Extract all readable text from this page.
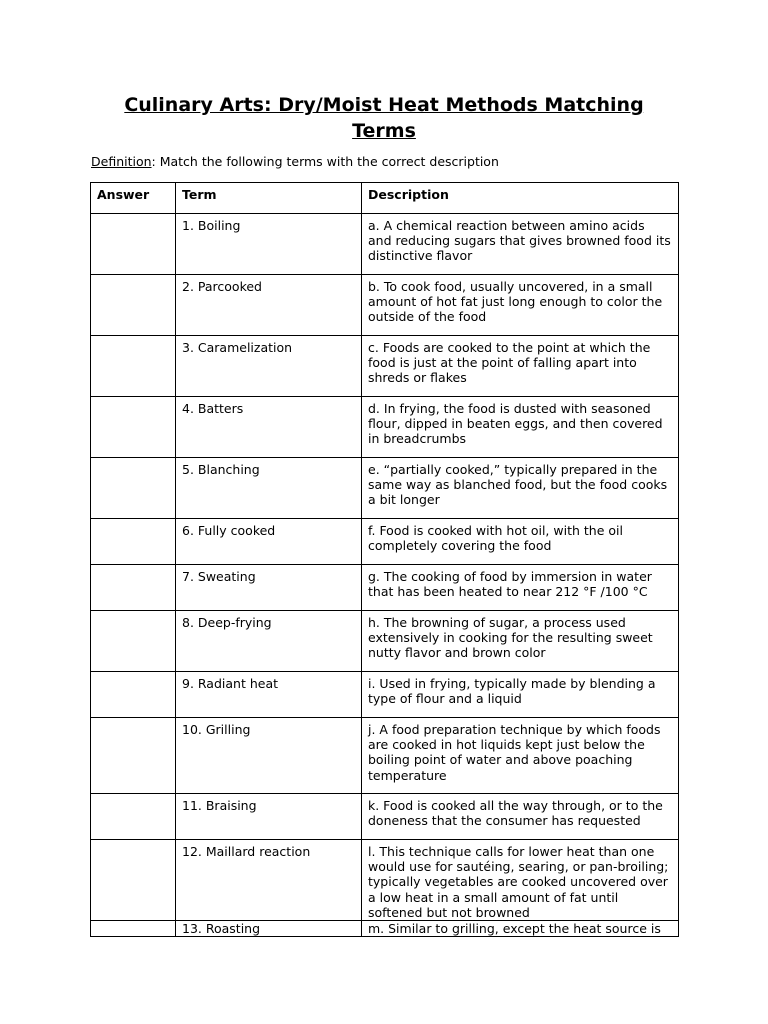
Culinary Arts: Dry/Moist Heat Methods Matching Terms
Definition: Match the following terms with the correct description
Answer	Term	Description
	1. Boiling	a. A chemical reaction between amino acids and reducing sugars that gives browned food its distinctive flavor
	2. Parcooked	b. To cook food, usually uncovered, in a small amount of hot fat just long enough to color the outside of the food
	3. Caramelization	c. Foods are cooked to the point at which the food is just at the point of falling apart into shreds or flakes
	4. Batters	d. In frying, the food is dusted with seasoned flour, dipped in beaten eggs, and then covered in breadcrumbs
	5. Blanching	e. “partially cooked,” typically prepared in the same way as blanched food, but the food cooks a bit longer
	6. Fully cooked	f. Food is cooked with hot oil, with the oil completely covering the food
	7. Sweating	g. The cooking of food by immersion in water that has been heated to near 212 °F /100 °C
	8. Deep-frying	h. The browning of sugar, a process used extensively in cooking for the resulting sweet nutty flavor and brown color
	9. Radiant heat	i. Used in frying, typically made by blending a type of flour and a liquid
	10. Grilling	j. A food preparation technique by which foods are cooked in hot liquids kept just below the boiling point of water and above poaching temperature
	11. Braising	k. Food is cooked all the way through, or to the doneness that the consumer has requested
	12. Maillard reaction	l. This technique calls for lower heat than one would use for sautéing, searing, or pan-broiling; typically vegetables are cooked uncovered over a low heat in a small amount of fat until softened but not browned
	13. Roasting	m. Similar to grilling, except the heat source is
